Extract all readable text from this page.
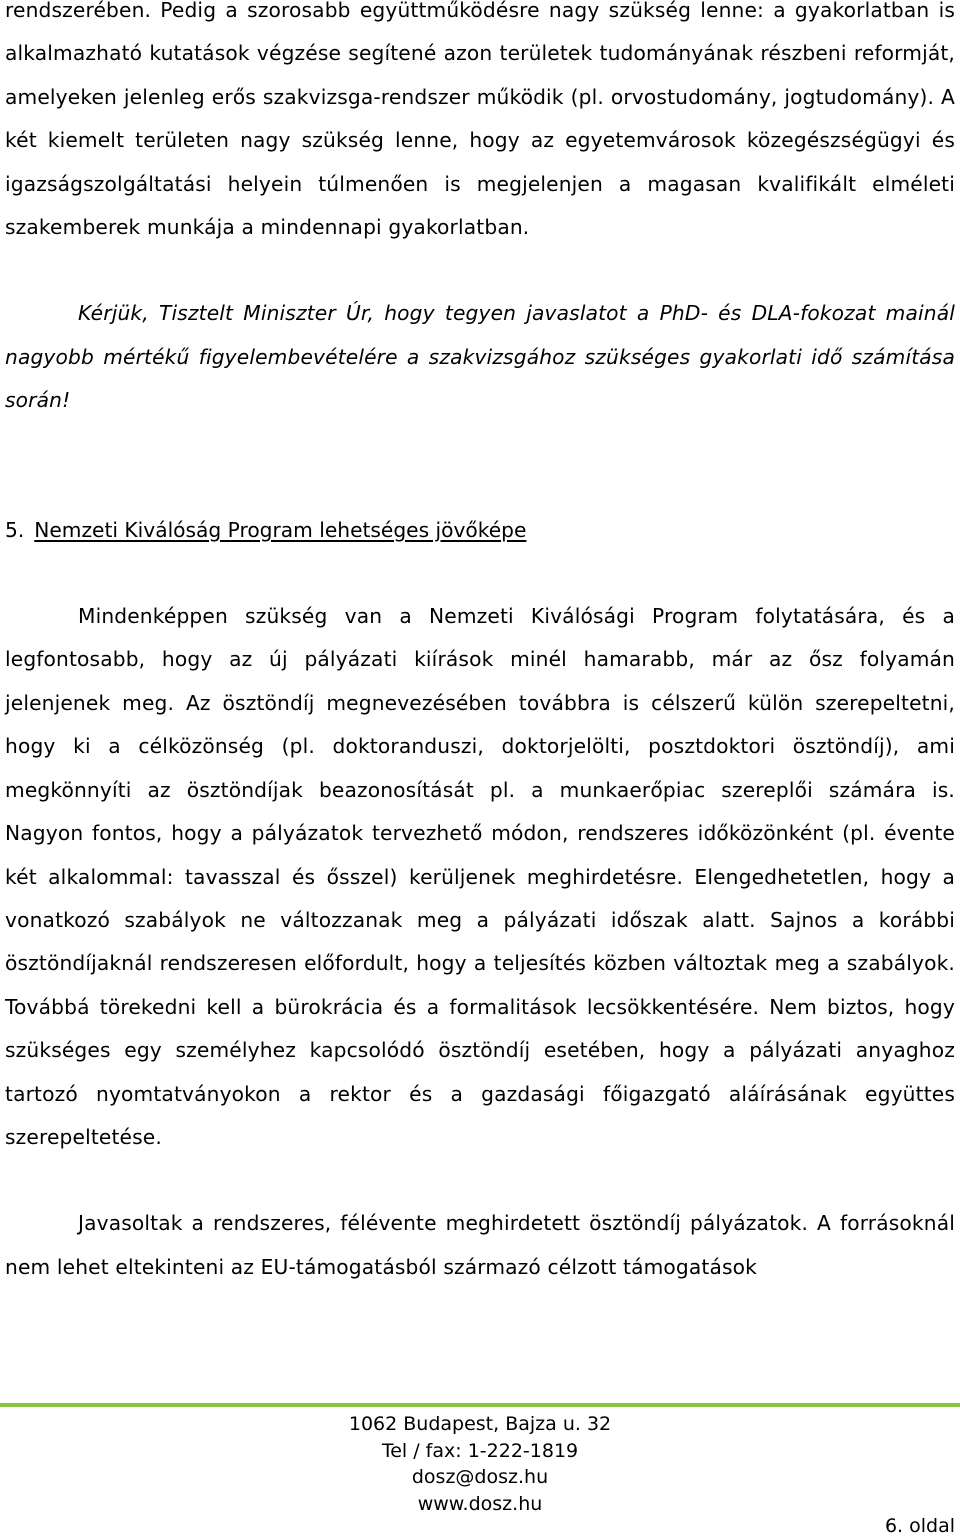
rendszerében. Pedig a szorosabb együttműködésre nagy szükség lenne: a gyakorlatban is alkalmazható kutatások végzése segítené azon területek tudományának részbeni reformját, amelyeken jelenleg erős szakvizsga-rendszer működik (pl. orvostudomány, jogtudomány). A két kiemelt területen nagy szükség lenne, hogy az egyetemvárosok közegészségügyi és igazságszolgáltatási helyein túlmenően is megjelenjen a magasan kvalifikált elméleti szakemberek munkája a mindennapi gyakorlatban.

Kérjük, Tisztelt Miniszter Úr, hogy tegyen javaslatot a PhD- és DLA-fokozat mainál nagyobb mértékű figyelembevételére a szakvizsgához szükséges gyakorlati idő számítása során!

5. Nemzeti Kiválóság Program lehetséges jövőképe

Mindenképpen szükség van a Nemzeti Kiválósági Program folytatására, és a legfontosabb, hogy az új pályázati kiírások minél hamarabb, már az ősz folyamán jelenjenek meg. Az ösztöndíj megnevezésében továbbra is célszerű külön szerepeltetni, hogy ki a célközönség (pl. doktoranduszi, doktorjelölti, posztdoktori ösztöndíj), ami megkönnyíti az ösztöndíjak beazonosítását pl. a munkaerőpiac szereplői számára is. Nagyon fontos, hogy a pályázatok tervezhető módon, rendszeres időközönként (pl. évente két alkalommal: tavasszal és ősszel) kerüljenek meghirdetésre. Elengedhetetlen, hogy a vonatkozó szabályok ne változzanak meg a pályázati időszak alatt. Sajnos a korábbi ösztöndíjaknál rendszeresen előfordult, hogy a teljesítés közben változtak meg a szabályok. Továbbá törekedni kell a bürokrácia és a formalitások lecsökkentésére. Nem biztos, hogy szükséges egy személyhez kapcsolódó ösztöndíj esetében, hogy a pályázati anyaghoz tartozó nyomtatványokon a rektor és a gazdasági főigazgató aláírásának együttes szerepeltetése.

Javasoltak a rendszeres, félévente meghirdetett ösztöndíj pályázatok. A forrásoknál nem lehet eltekinteni az EU-támogatásból származó célzott támogatások

1062 Budapest, Bajza u. 32
Tel / fax: 1-222-1819
dosz@dosz.hu
www.dosz.hu
6. oldal
